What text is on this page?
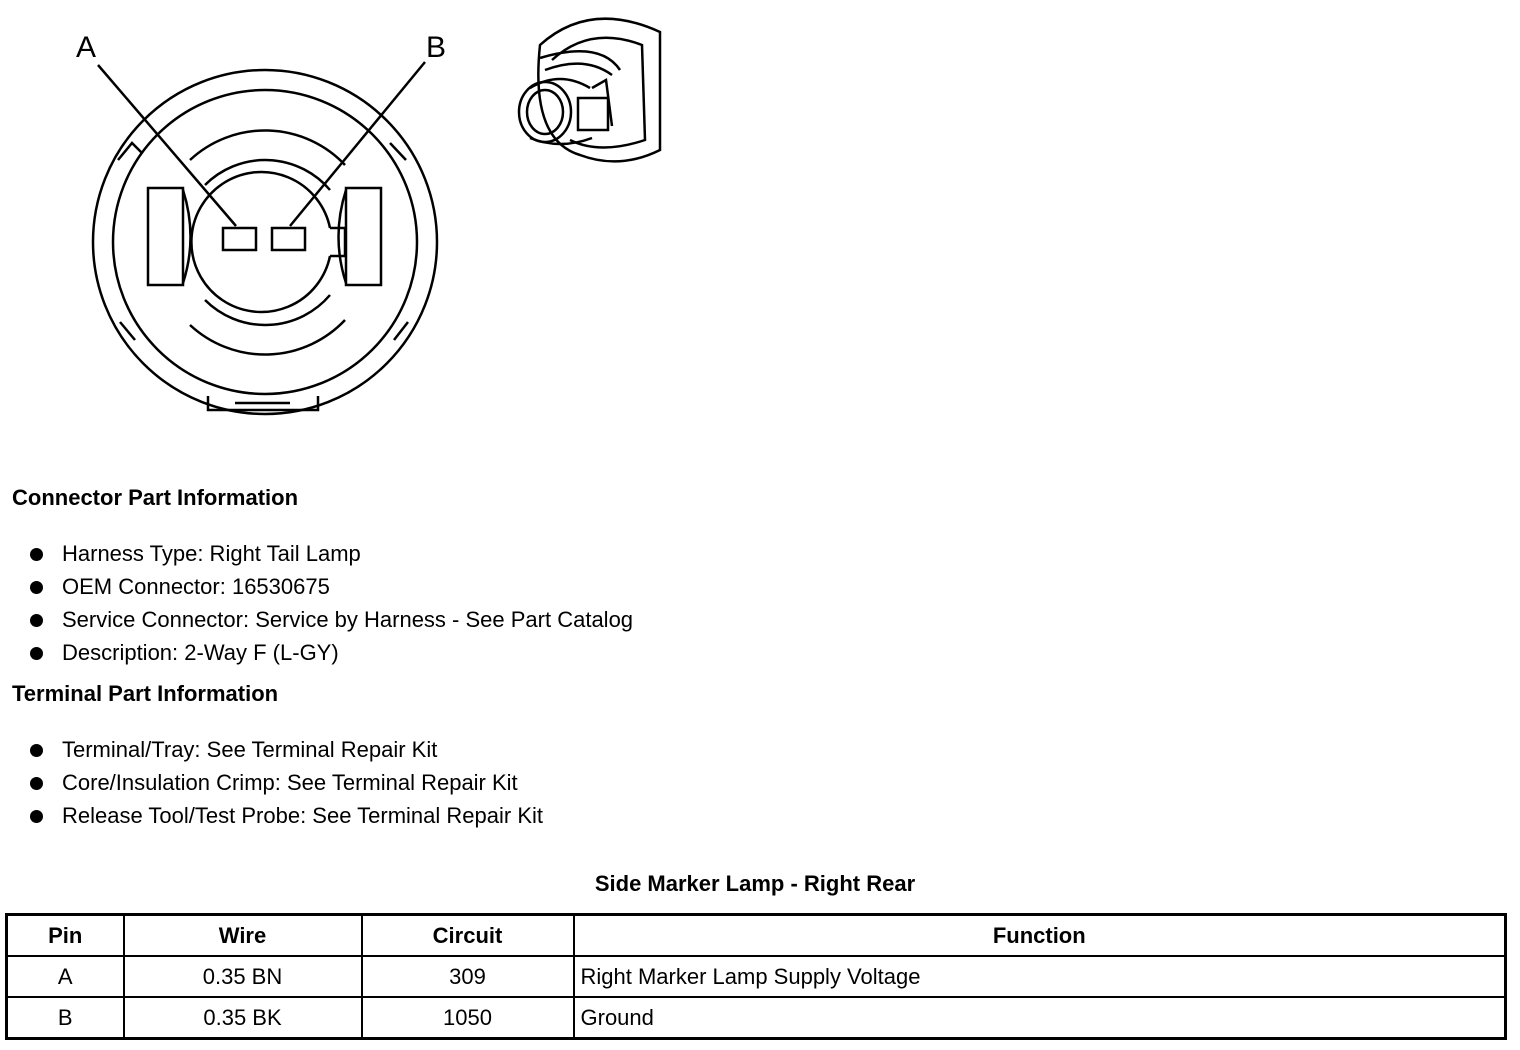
A	B
Connector Part Information
Harness Type: Right Tail Lamp
OEM Connector: 16530675
Service Connector: Service by Harness - See Part Catalog
Description: 2-Way F (L-GY)
Terminal Part Information
Terminal/Tray: See Terminal Repair Kit
Core/Insulation Crimp: See Terminal Repair Kit
Release Tool/Test Probe: See Terminal Repair Kit
Side Marker Lamp - Right Rear
Pin	Wire	Circuit	Function
A	0.35 BN	309	Right Marker Lamp Supply Voltage
B	0.35 BK	1050	Ground
